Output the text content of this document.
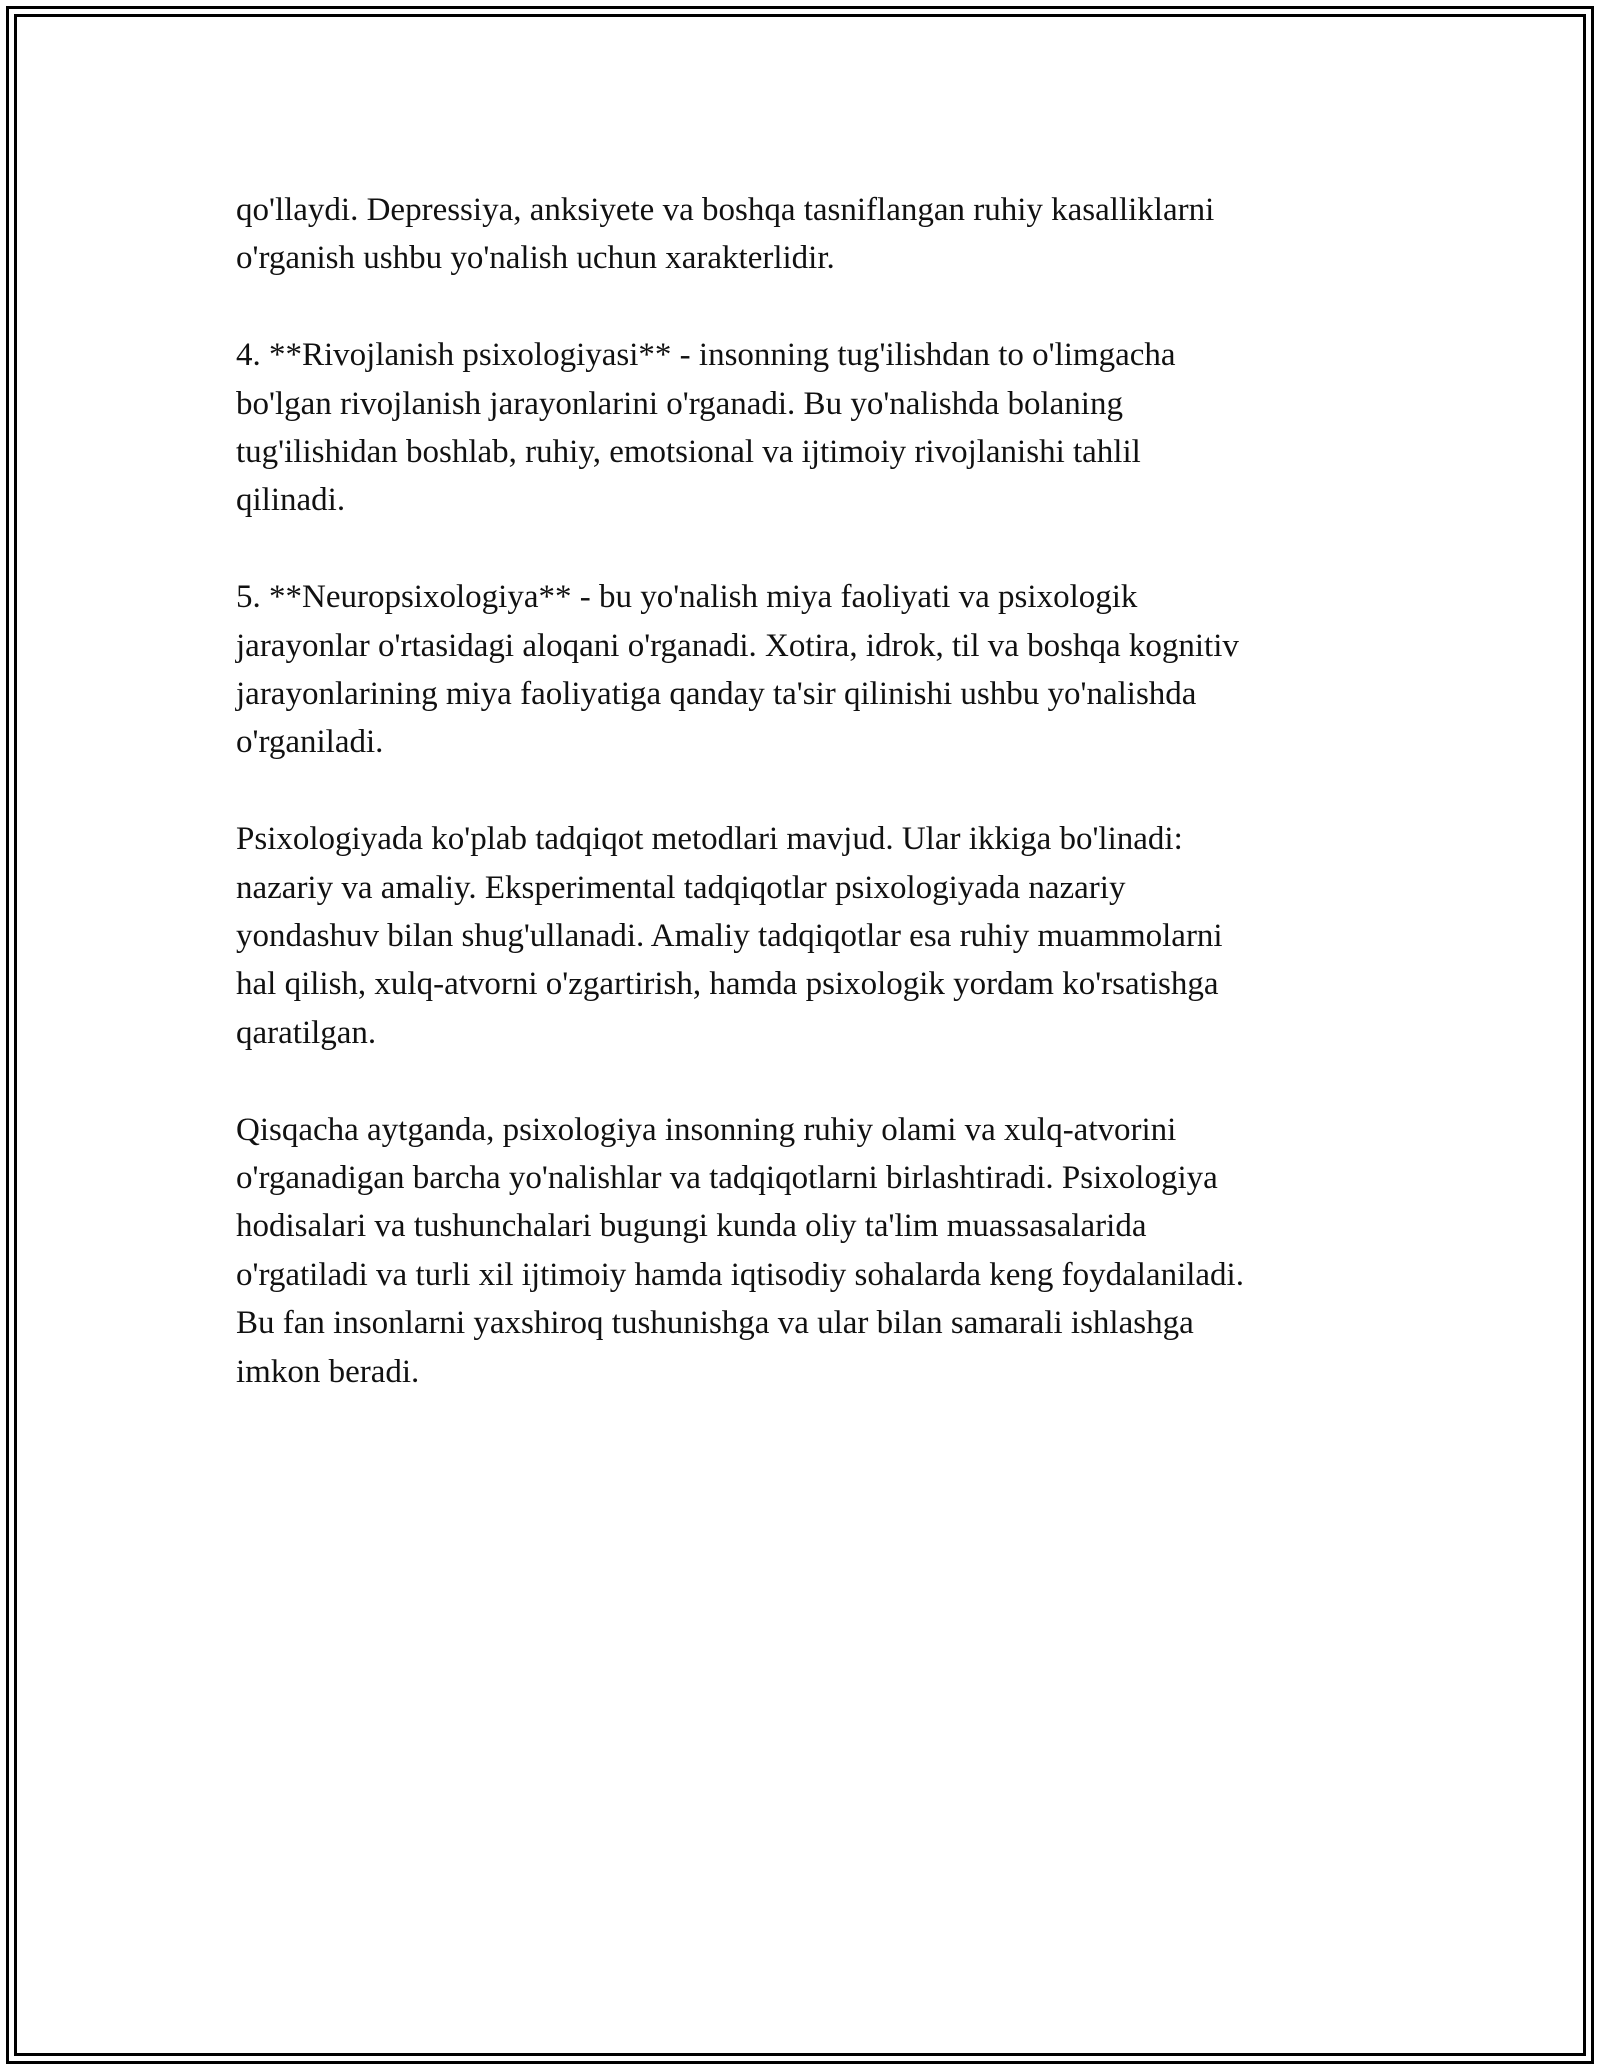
qo'llaydi. Depressiya, anksiyete va boshqa tasniflangan ruhiy kasalliklarni
o'rganish ushbu yo'nalish uchun xarakterlidir.

4. **Rivojlanish psixologiyasi** - insonning tug'ilishdan to o'limgacha
bo'lgan rivojlanish jarayonlarini o'rganadi. Bu yo'nalishda bolaning
tug'ilishidan boshlab, ruhiy, emotsional va ijtimoiy rivojlanishi tahlil
qilinadi.

5. **Neuropsixologiya** - bu yo'nalish miya faoliyati va psixologik
jarayonlar o'rtasidagi aloqani o'rganadi. Xotira, idrok, til va boshqa kognitiv
jarayonlarining miya faoliyatiga qanday ta'sir qilinishi ushbu yo'nalishda
o'rganiladi.

Psixologiyada ko'plab tadqiqot metodlari mavjud. Ular ikkiga bo'linadi:
nazariy va amaliy. Eksperimental tadqiqotlar psixologiyada nazariy
yondashuv bilan shug'ullanadi. Amaliy tadqiqotlar esa ruhiy muammolarni
hal qilish, xulq-atvorni o'zgartirish, hamda psixologik yordam ko'rsatishga
qaratilgan.

Qisqacha aytganda, psixologiya insonning ruhiy olami va xulq-atvorini
o'rganadigan barcha yo'nalishlar va tadqiqotlarni birlashtiradi. Psixologiya
hodisalari va tushunchalari bugungi kunda oliy ta'lim muassasalarida
o'rgatiladi va turli xil ijtimoiy hamda iqtisodiy sohalarda keng foydalaniladi.
Bu fan insonlarni yaxshiroq tushunishga va ular bilan samarali ishlashga
imkon beradi.
